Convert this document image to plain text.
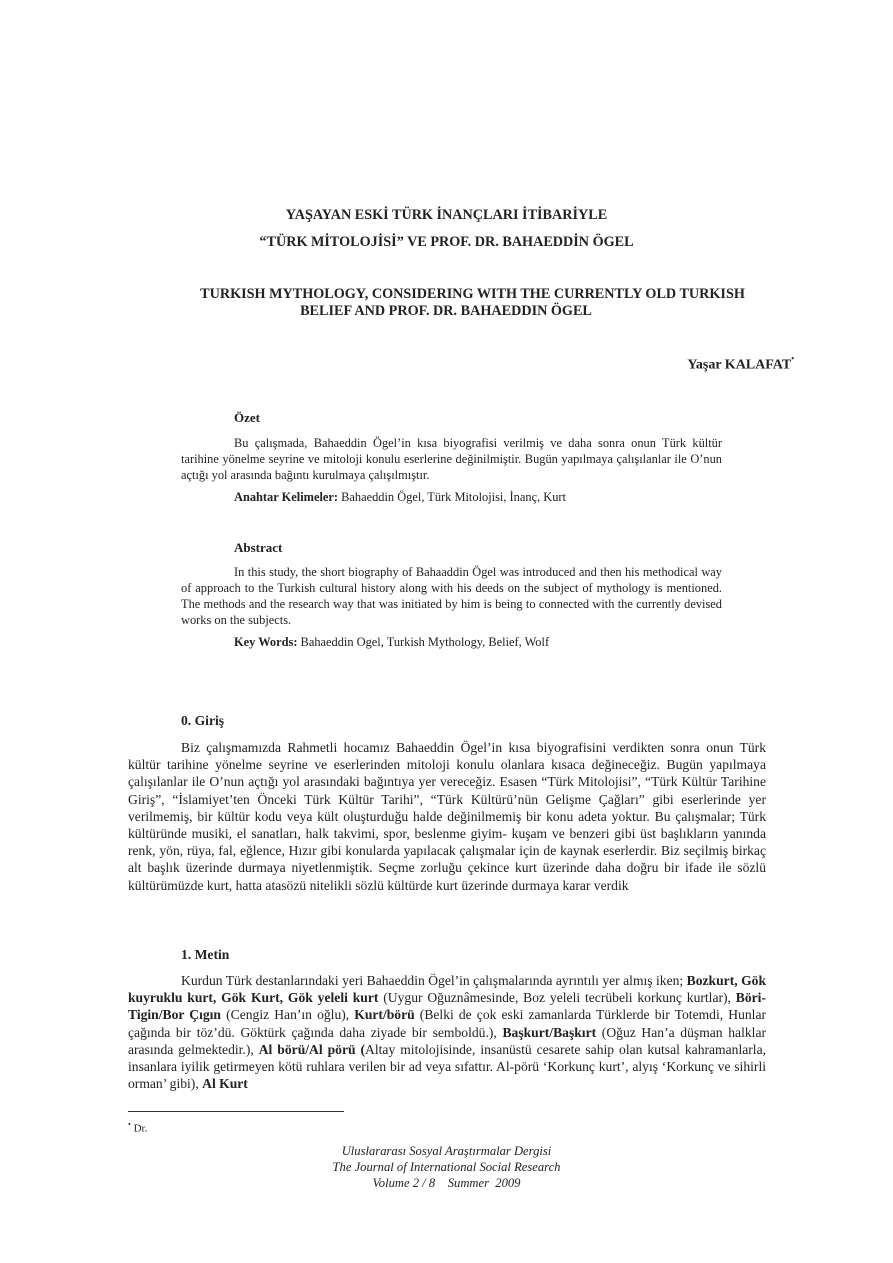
YAŞAYAN ESKİ TÜRK İNANÇLARI İTİBARİYLE
“TÜRK MİTOLOJİSİ” VE PROF. DR. BAHAEDDİN ÖGEL
TURKISH MYTHOLOGY, CONSIDERING WITH THE CURRENTLY OLD TURKISH
BELIEF AND PROF. DR. BAHAEDDIN ÖGEL
Yaşar KALAFAT•
Özet

Bu çalışmada, Bahaeddin Ögel’in kısa biyografisi verilmiş ve daha sonra onun Türk kültür tarihine yönelme seyrine ve mitoloji konulu eserlerine değinilmiştir. Bugün yapılmaya çalışılanlar ile O’nun açtığı yol arasında bağıntı kurulmaya çalışılmıştır.

Anahtar Kelimeler: Bahaeddin Ögel, Türk Mitolojisi, İnanç, Kurt
Abstract

In this study, the short biography of Bahaaddin Ögel was introduced and then his methodical way of approach to the Turkish cultural history along with his deeds on the subject of mythology is mentioned. The methods and the research way that was initiated by him is being to connected with the currently devised works on the subjects.

Key Words: Bahaeddin Ogel, Turkish Mythology, Belief, Wolf
0. Giriş

Biz çalışmamızda Rahmetli hocamız Bahaeddin Ögel’in kısa biyografisini verdikten sonra onun Türk kültür tarihine yönelme seyrine ve eserlerinden mitoloji konulu olanlara kısaca değineceğiz. Bugün yapılmaya çalışılanlar ile O’nun açtığı yol arasındaki bağıntıya yer vereceğiz. Esasen “Türk Mitolojisi”, “Türk Kültür Tarihine Giriş”, “İslamiyet’ten Önceki Türk Kültür Tarihi”, “Türk Kültürü’nün Gelişme Çağları” gibi eserlerinde yer verilmemiş, bir kültür kodu veya kült oluşturduğu halde değinilmemiş bir konu adeta yoktur. Bu çalışmalar; Türk kültüründe musiki, el sanatları, halk takvimi, spor, beslenme giyim- kuşam ve benzeri gibi üst başlıkların yanında renk, yön, rüya, fal, eğlence, Hızır gibi konularda yapılacak çalışmalar için de kaynak eserlerdir. Biz seçilmiş birkaç alt başlık üzerinde durmaya niyetlenmiştik. Seçme zorluğu çekince kurt üzerinde daha doğru bir ifade ile sözlü kültürümüzde kurt, hatta atasözü nitelikli sözlü kültürde kurt üzerinde durmaya karar verdik

1. Metin

Kurdun Türk destanlarındaki yeri Bahaeddin Ögel’in çalışmalarında ayrıntılı yer almış iken; Bozkurt, Gök kuyruklu kurt, Gök Kurt, Gök yeleli kurt (Uygur Oğuznâmesinde, Boz yeleli tecrübeli korkunç kurtlar), Böri-Tigin/Bor Çıgın (Cengiz Han’ın oğlu), Kurt/börü (Belki de çok eski zamanlarda Türklerde bir Totemdi, Hunlar çağında bir töz’dü. Göktürk çağında daha ziyade bir semboldü.), Başkurt/Başkırt (Oğuz Han’a düşman halklar arasında gelmektedir.), Al börü/Al pörü (Altay mitolojisinde, insanüstü cesarete sahip olan kutsal kahramanlarla, insanlara iyilik getirmeyen kötü ruhlara verilen bir ad veya sıfattır. Al-pörü ‘Korkunç kurt’, alyış ‘Korkunç ve sihirli orman’ gibi), Al Kurt

• Dr.
Uluslararası Sosyal Araştırmalar Dergisi
The Journal of International Social Research
Volume 2 / 8    Summer  2009
